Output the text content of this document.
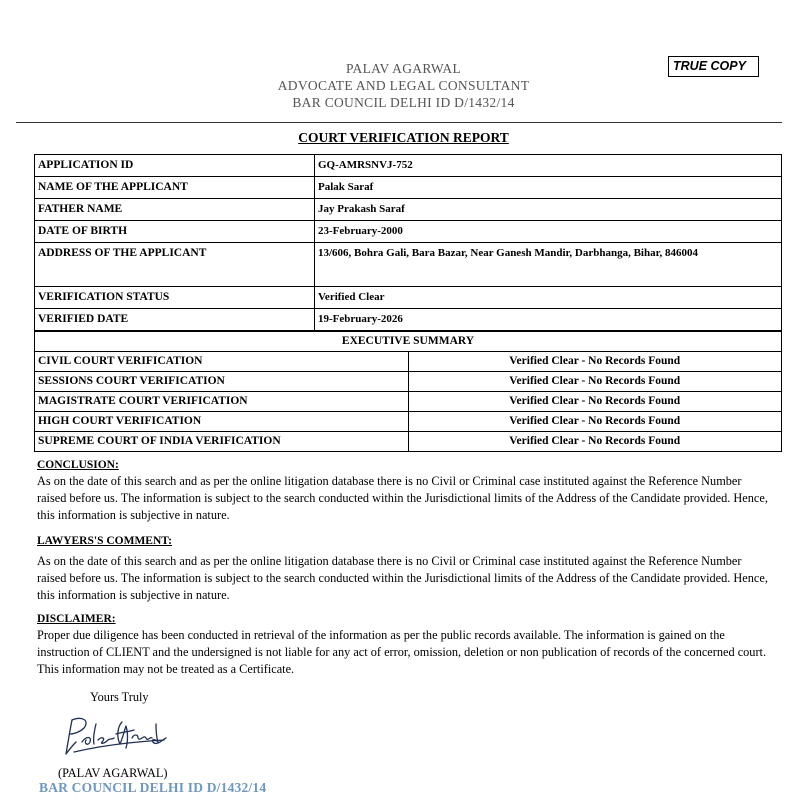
PALAV AGARWAL
ADVOCATE AND LEGAL CONSULTANT
BAR COUNCIL DELHI ID D/1432/14
TRUE COPY
COURT VERIFICATION REPORT
APPLICATION ID	GQ-AMRSNVJ-752
NAME OF THE APPLICANT	Palak Saraf
FATHER NAME	Jay Prakash Saraf
DATE OF BIRTH	23-February-2000
ADDRESS OF THE APPLICANT	13/606, Bohra Gali, Bara Bazar, Near Ganesh Mandir, Darbhanga, Bihar, 846004
VERIFICATION STATUS	Verified Clear
VERIFIED DATE	19-February-2026
EXECUTIVE SUMMARY	
CIVIL COURT VERIFICATION	Verified Clear - No Records Found
SESSIONS COURT VERIFICATION	Verified Clear - No Records Found
MAGISTRATE COURT VERIFICATION	Verified Clear - No Records Found
HIGH COURT VERIFICATION	Verified Clear - No Records Found
SUPREME COURT OF INDIA VERIFICATION	Verified Clear - No Records Found
CONCLUSION:
As on the date of this search and as per the online litigation database there is no Civil or Criminal case instituted against the Reference Number raised before us. The information is subject to the search conducted within the Jurisdictional limits of the Address of the Candidate provided. Hence, this information is subjective in nature.
LAWYERS'S COMMENT:
As on the date of this search and as per the online litigation database there is no Civil or Criminal case instituted against the Reference Number raised before us. The information is subject to the search conducted within the Jurisdictional limits of the Address of the Candidate provided. Hence, this information is subjective in nature.
DISCLAIMER:
Proper due diligence has been conducted in retrieval of the information as per the public records available. The information is gained on the instruction of CLIENT and the undersigned is not liable for any act of error, omission, deletion or non publication of records of the concerned court. This information may not be treated as a Certificate.
Yours Truly
(PALAV AGARWAL)
BAR COUNCIL DELHI ID D/1432/14
